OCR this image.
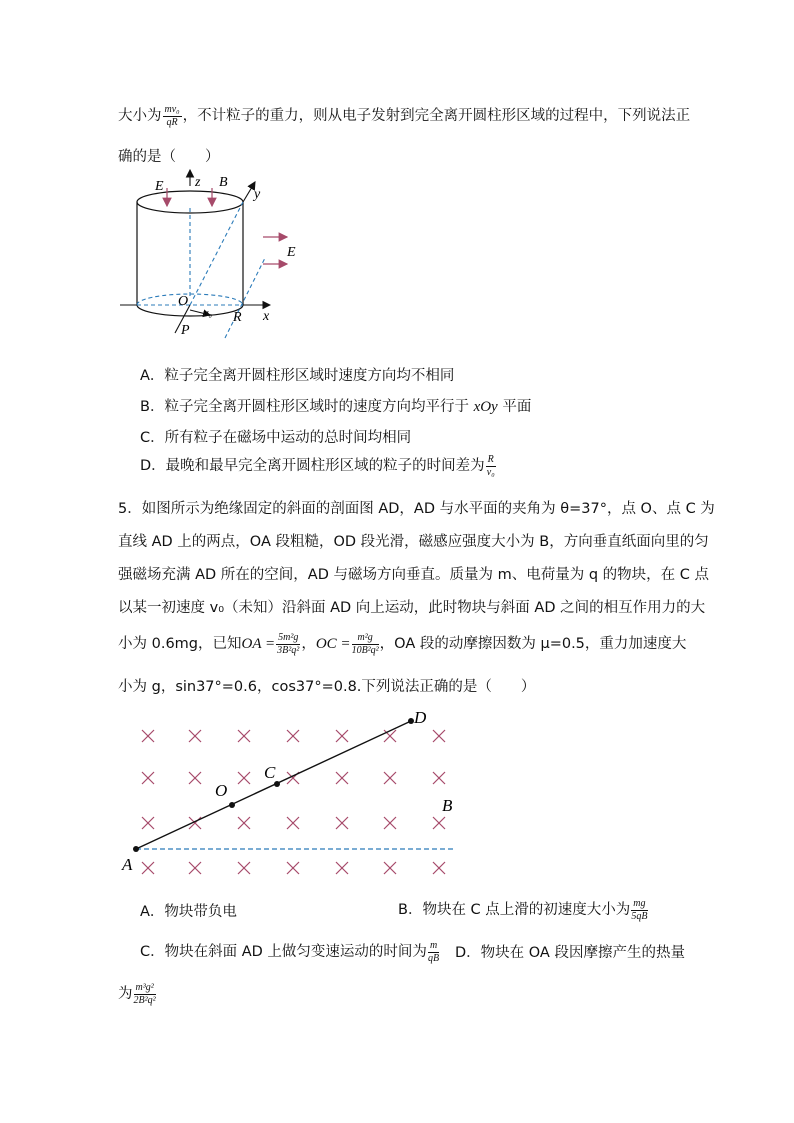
大小为 $\frac{\text{mv₀}}{qR}$ ，不计粒子的重力，则从电子发射到完全离开圆柱形区域的过程中，下列说法正
确的是（　　）
E z B
y
E
O
v₀	x
P
R
A．粒子完全离开圆柱形区域时速度方向均不相同
B．粒子完全离开圆柱形区域时的速度方向均平行于 xOy 平面
C．所有粒子在磁场中运动的总时间均相同
D．最晚和最早完全离开圆柱形区域的粒子的时间差为 $\frac{R}{\text{v₀}}$
5．如图所示为绝缘固定的斜面的剖面图 AD，AD 与水平面的夹角为 θ=37°，点 O、点 C 为
直线 AD 上的两点，OA 段粗糙，OD 段光滑，磁感应强度大小为 B，方向垂直纸面向里的匀
强磁场充满 AD 所在的空间，AD 与磁场方向垂直。质量为 m、电荷量为 q 的物块，在 C 点
以某一初速度 v₀（未知）沿斜面 AD 向上运动，此时物块与斜面 AD 之间的相互作用力的大
小为 0.6mg，已知OA = $\frac{\text{5m²g}}{\text{3B²q²}}$ ，OC = $\frac{\text{m²g}}{\text{10B²q²}}$ ，OA 段的动摩擦因数为 μ=0.5，重力加速度大
小为 g，sin37°=0.6，cos37°=0.8.下列说法正确的是（　　）
D
C
O
B
A
A．物块带负电	B．物块在 C 点上滑的初速度大小为 $\frac{mg}{5qB}$
C．物块在斜面 AD 上做匀变速运动的时间为 $\frac{m}{qB}$ D．物块在 OA 段因摩擦产生的热量
为 $\frac{\text{m³g²}}{\text{2B²q²}}$
